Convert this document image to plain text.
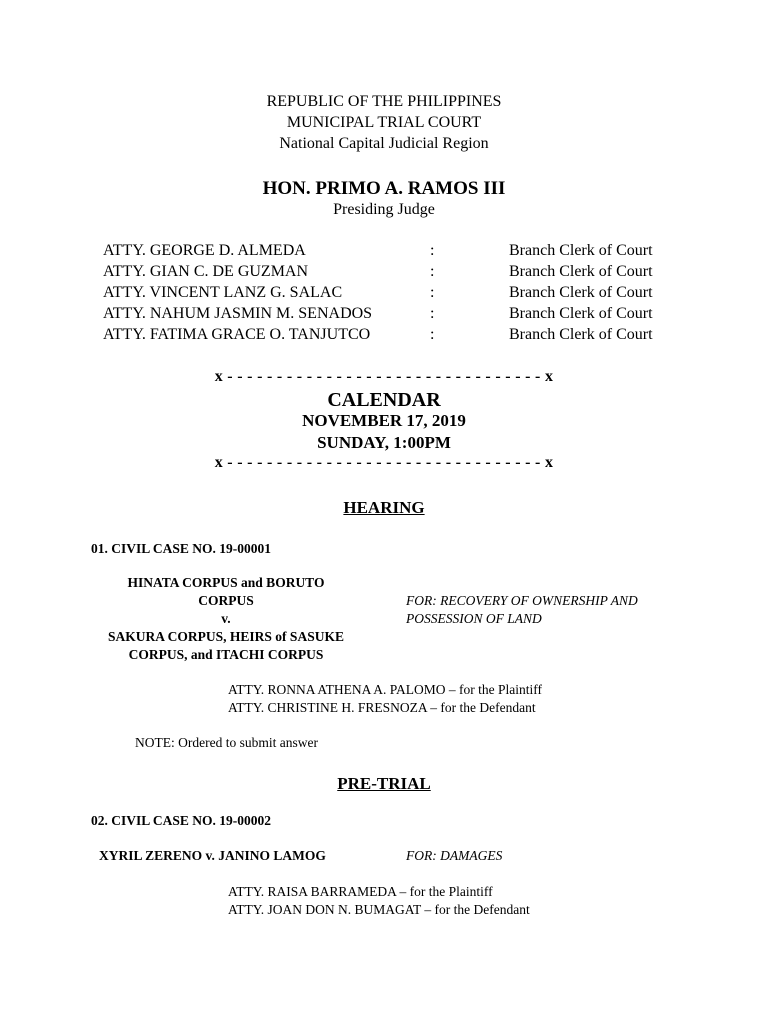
REPUBLIC OF THE PHILIPPINES
MUNICIPAL TRIAL COURT
National Capital Judicial Region
HON. PRIMO A. RAMOS III
Presiding Judge
ATTY. GEORGE D. ALMEDA	:	Branch Clerk of Court
ATTY. GIAN C. DE GUZMAN	:	Branch Clerk of Court
ATTY. VINCENT LANZ G. SALAC	:	Branch Clerk of Court
ATTY. NAHUM JASMIN M. SENADOS	:	Branch Clerk of Court
ATTY. FATIMA GRACE O. TANJUTCO	:	Branch Clerk of Court
x - - - - - - - - - - - - - - - - - - - - - - - - - - - - - - - - x
CALENDAR
NOVEMBER 17, 2019
SUNDAY, 1:00PM
x - - - - - - - - - - - - - - - - - - - - - - - - - - - - - - - - x
HEARING
01. CIVIL CASE NO. 19-00001
HINATA CORPUS and BORUTO CORPUS
v.
SAKURA CORPUS, HEIRS of SASUKE CORPUS, and ITACHI CORPUS
FOR: RECOVERY OF OWNERSHIP AND POSSESSION OF LAND
ATTY. RONNA ATHENA A. PALOMO – for the Plaintiff
ATTY. CHRISTINE H. FRESNOZA – for the Defendant
NOTE: Ordered to submit answer
PRE-TRIAL
02. CIVIL CASE NO. 19-00002
XYRIL ZERENO v. JANINO LAMOG	FOR: DAMAGES
ATTY. RAISA BARRAMEDA – for the Plaintiff
ATTY. JOAN DON N. BUMAGAT – for the Defendant
